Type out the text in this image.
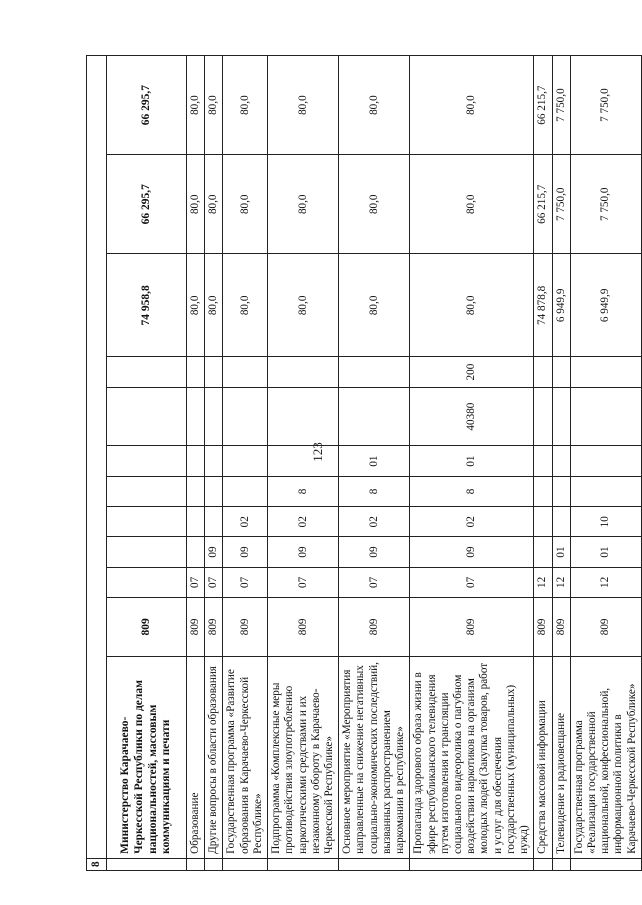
123
8												
	Министерство Карачаево-Черкесской Республики по делам национальностей, массовым коммуникациям и печати	809								74 958,8	66 295,7	66 295,7
	Образование	809	07							80,0	80,0	80,0
	Другие вопросы в области образования	809	07	09						80,0	80,0	80,0
	Государственная программа «Развитие образования в Карачаево-Черкесской Республике»	809	07	09	02					80,0	80,0	80,0
	Подпрограмма «Комплексные меры противодействия злоупотреблению наркотическими средствами и их незаконному обороту в Карачаево-Черкесской Республике»	809	07	09	02	8				80,0	80,0	80,0
	Основное мероприятие «Мероприятия направленные на снижение негативных социально-экономических последствий, вызванных распространением наркомании в республике»	809	07	09	02	8	01			80,0	80,0	80,0
	Пропаганда здорового образа жизни в эфире республиканского телевидения путем изготовления и трансляции социального видеоролика о пагубном воздействии наркотиков на организм молодых людей (Закупка товаров, работ и услуг для обеспечения государственных (муниципальных) нужд)	809	07	09	02	8	01	40380	200	80,0	80,0	80,0
	Средства массовой информации	809	12							74 878,8	66 215,7	66 215,7
	Телевидение и радиовещание	809	12	01						6 949,9	7 750,0	7 750,0
	Государственная программа «Реализация государственной национальной, конфессиональной, информационной политики в Карачаево-Черкесской Республике»	809	12	01	10					6 949,9	7 750,0	7 750,0
